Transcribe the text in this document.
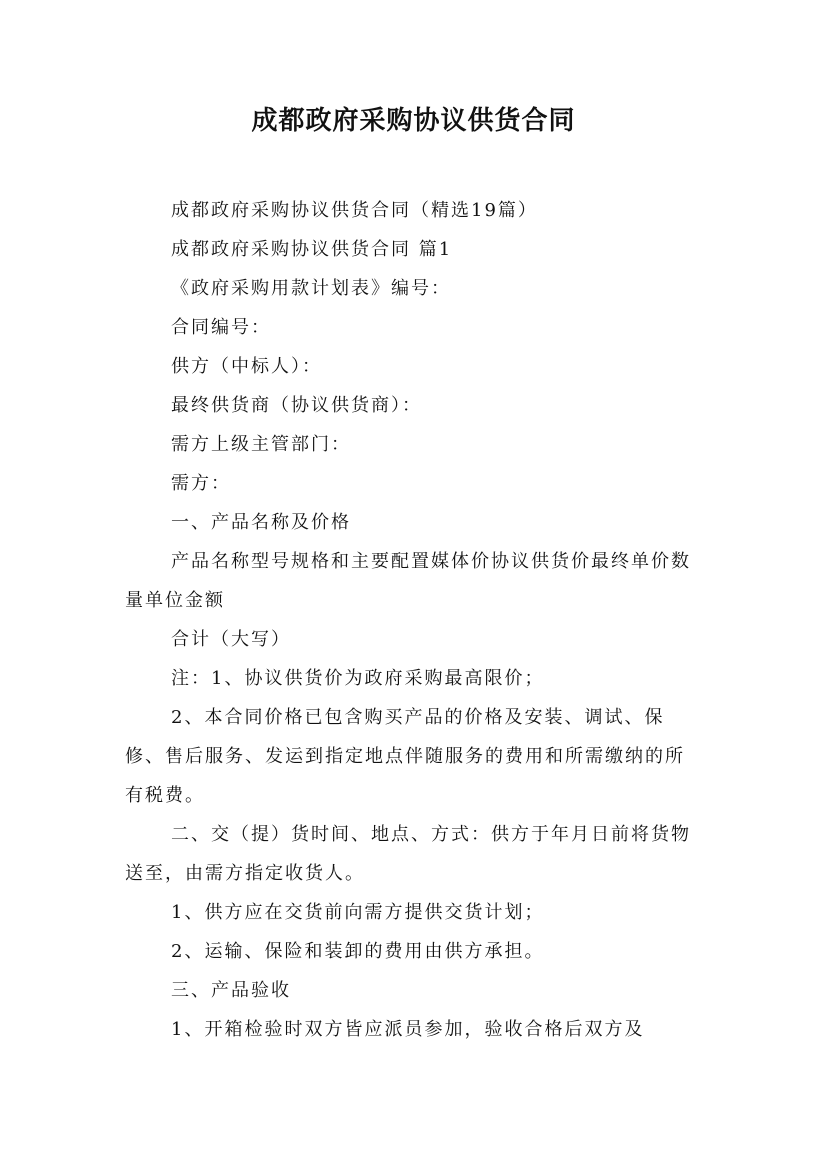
成都政府采购协议供货合同

成都政府采购协议供货合同（精选19篇）

成都政府采购协议供货合同 篇1

《政府采购用款计划表》编号：

合同编号：

供方（中标人）：

最终供货商（协议供货商）：

需方上级主管部门：

需方：

一、产品名称及价格

产品名称型号规格和主要配置媒体价协议供货价最终单价数量单位金额

合计（大写）

注：1、协议供货价为政府采购最高限价；

2、本合同价格已包含购买产品的价格及安装、调试、保修、售后服务、发运到指定地点伴随服务的费用和所需缴纳的所有税费。

二、交（提）货时间、地点、方式：供方于年月日前将货物送至，由需方指定收货人。

1、供方应在交货前向需方提供交货计划；

2、运输、保险和装卸的费用由供方承担。

三、产品验收

1、开箱检验时双方皆应派员参加，验收合格后双方及
